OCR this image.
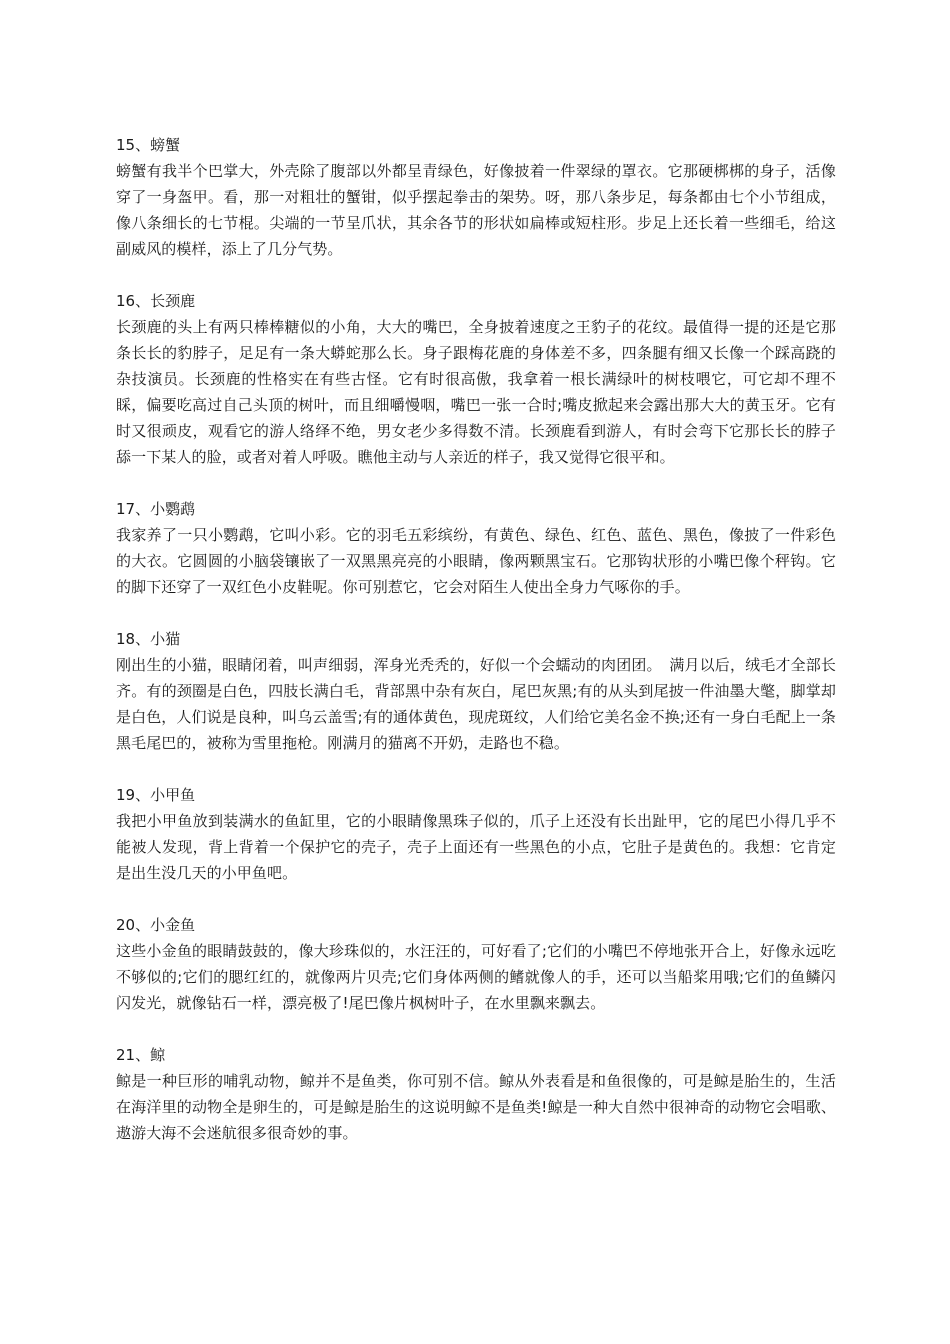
15、螃蟹

螃蟹有我半个巴掌大，外壳除了腹部以外都呈青绿色，好像披着一件翠绿的罩衣。它那硬梆梆的身子，活像穿了一身盔甲。看，那一对粗壮的蟹钳，似乎摆起拳击的架势。呀，那八条步足，每条都由七个小节组成，像八条细长的七节棍。尖端的一节呈爪状，其余各节的形状如扁棒或短柱形。步足上还长着一些细毛，给这副威风的模样，添上了几分气势。

16、长颈鹿

长颈鹿的头上有两只棒棒糖似的小角，大大的嘴巴，全身披着速度之王豹子的花纹。最值得一提的还是它那条长长的豹脖子，足足有一条大蟒蛇那么长。身子跟梅花鹿的身体差不多，四条腿有细又长像一个踩高跷的杂技演员。长颈鹿的性格实在有些古怪。它有时很高傲，我拿着一根长满绿叶的树枝喂它，可它却不理不睬，偏要吃高过自己头顶的树叶，而且细嚼慢咽，嘴巴一张一合时;嘴皮掀起来会露出那大大的黄玉牙。它有时又很顽皮，观看它的游人络绎不绝，男女老少多得数不清。长颈鹿看到游人，有时会弯下它那长长的脖子舔一下某人的脸，或者对着人呼吸。瞧他主动与人亲近的样子，我又觉得它很平和。

17、小鹦鹉

我家养了一只小鹦鹉，它叫小彩。它的羽毛五彩缤纷，有黄色、绿色、红色、蓝色、黑色，像披了一件彩色的大衣。它圆圆的小脑袋镶嵌了一双黑黑亮亮的小眼睛，像两颗黑宝石。它那钩状形的小嘴巴像个秤钩。它的脚下还穿了一双红色小皮鞋呢。你可别惹它，它会对陌生人使出全身力气啄你的手。

18、小猫

刚出生的小猫，眼睛闭着，叫声细弱，浑身光秃秃的，好似一个会蠕动的肉团团。　满月以后，绒毛才全部长齐。有的颈圈是白色，四肢长满白毛，背部黑中杂有灰白，尾巴灰黑;有的从头到尾披一件油墨大氅，脚掌却是白色，人们说是良种，叫乌云盖雪;有的通体黄色，现虎斑纹，人们给它美名金不换;还有一身白毛配上一条黑毛尾巴的，被称为雪里拖枪。刚满月的猫离不开奶，走路也不稳。

19、小甲鱼

我把小甲鱼放到装满水的鱼缸里，它的小眼睛像黑珠子似的，爪子上还没有长出趾甲，它的尾巴小得几乎不能被人发现，背上背着一个保护它的壳子，壳子上面还有一些黑色的小点，它肚子是黄色的。我想：它肯定是出生没几天的小甲鱼吧。

20、小金鱼

这些小金鱼的眼睛鼓鼓的，像大珍珠似的，水汪汪的，可好看了;它们的小嘴巴不停地张开合上，好像永远吃不够似的;它们的腮红红的，就像两片贝壳;它们身体两侧的鳍就像人的手，还可以当船桨用哦;它们的鱼鳞闪闪发光，就像钻石一样，漂亮极了!尾巴像片枫树叶子，在水里飘来飘去。

21、鲸

鲸是一种巨形的哺乳动物，鲸并不是鱼类，你可别不信。鲸从外表看是和鱼很像的，可是鲸是胎生的，生活在海洋里的动物全是卵生的，可是鲸是胎生的这说明鲸不是鱼类!鲸是一种大自然中很神奇的动物它会唱歌、遨游大海不会迷航很多很奇妙的事。
